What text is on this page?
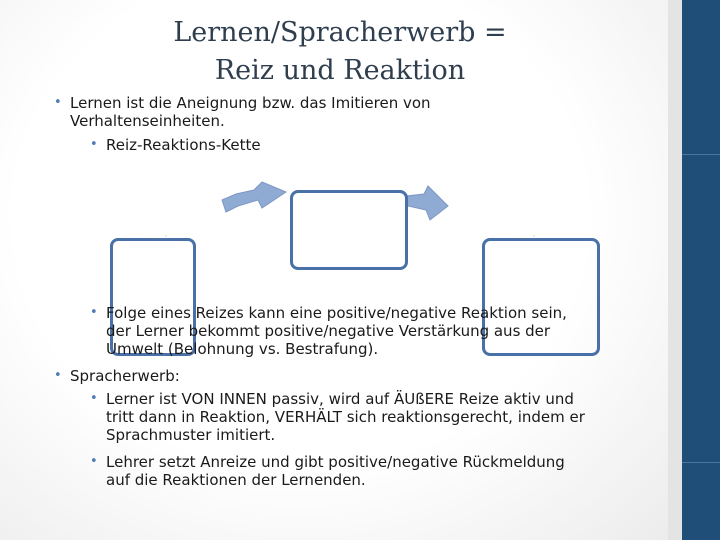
Lernen/Spracherwerb =
Reiz und Reaktion
....:
.
....:
• Lernen ist die Aneignung bzw. das Imitieren von
Verhaltenseinheiten.
• Reiz-Reaktions-Kette
• Folge eines Reizes kann eine positive/negative Reaktion sein,
der Lerner bekommt positive/negative Verstärkung aus der
Umwelt (Belohnung vs. Bestrafung).
• Spracherwerb:
• Lerner ist VON INNEN passiv, wird auf ÄUßERE Reize aktiv und
tritt dann in Reaktion, VERHÄLT sich reaktionsgerecht, indem er
Sprachmuster imitiert.
• Lehrer setzt Anreize und gibt positive/negative Rückmeldung
auf die Reaktionen der Lernenden.
